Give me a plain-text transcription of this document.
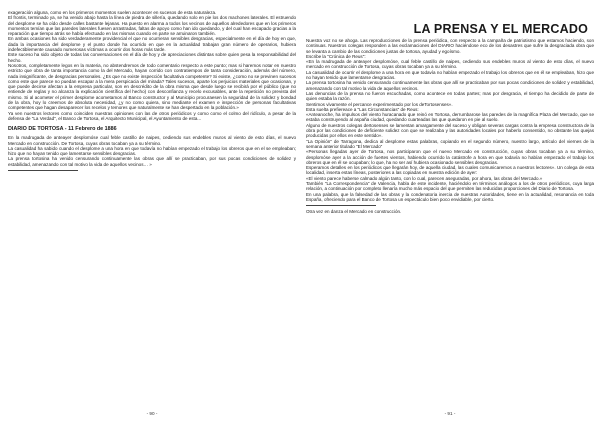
exageración alguna, como en los primeros momentos suelen acontecer en sucesos de esta naturaleza.

El frontis, terminado ya, se ha venido abajo hasta la línea de piedra de sillería, quedando solo en pie los dos machones laterales. El estruendo del desplome se ha oído desde calles bastante lejanas. Ha puesto en alarma a todos los vecinos de aquellos alrededores que en los primeros momentos temían que las paredes laterales fuesen arrastradas, faltas de apoyo como han ido quedando, y del cual han escapado gracias a la reparación que tiempo atrás se había efectuado en las mismas cuando en parte se arruinaron también.

En ambas ocasiones ha sido verdaderamente providencial el que no ocurrieran sensibles desgracias, especialmente en el día de hoy en que, dada la importancia del desplome y el punto donde ha ocurrido en que en la actualidad trabajan gran número de operarios, hubiera indefectiblemente causado numerosas víctimas a ocurrir dos horas más tarde.

Este suceso ha sido objeto de todas las conversaciones en el día de hoy y de apreciaciones distintas sobre quien pesa la responsabilidad del hecho.

Nosotros, completamente legos en la materia, no abstendremos de todo comentario respecto a este punto; mas si haremos notar en nuestro estricto que obra de tanta importancia como la del Mercado, hayan corrido con contratiempos de tanta consideración, además del número, nada insignificante, de desgracias personales. ¿Es que no existe inspección facultativa competente? Si existe, ¿como no se previnen sucesos como este que parece no puedan escapar a la mera perspicacia del mirada? Tales sucesos, aparte los perjuicios materiales que ocasionan, y que puede decirse afectan a la empresa particular, son en descrédito de la obra misma que desde luego se recibirá por el público (que no entiende de reglas y no alcanza la explicación científica del hecho) con desconfianza y recelo excusables, ante la repetición no prevista del mismo. Si al acometer el primer desplome acometamos al Banco constructor y al Municipio procuraesen la seguridad de la solidez y bondad de la obra, hoy lo creemos de absoluta necesidad, ¿y no como quiera, sino mediante el examen e inspección de personas facultativas competentes que hagan desaparecer los recelos y temores que naturalmente se han despertado en la población.»

Ya ven nuestros lectores como coinciden nuestras opiniones con las de otros periódicos y como como el colmo del ridículo, a pesar de la defensa de "La Verdad", el Banco de Tortosa, el Arquitecto Municipal, el Ayuntamiento de esta...

DIARIO DE TORTOSA - 11 Febrero de 1886

En la madrugada de anteayer desplomóse cual feble castillo de naipes, cediendo sus endebles muros al viento de esto días, el nuevo Mercado en construcción. De Tortosa, cuyas obras tocaban ya a su término.

La casualidad ha sabido cuando el desplome a una hora en que todavía no habían empezado el trabajo los obreros que en el se empleaban; hizo que no hayan tenido que lamentarse sensibles desgracias.

La prensa tortosina ha venido censurando continuamente las obras que allí se practicaban, por sus pocas condiciones de solidez y estabilidad, amenazando con tal motivo la vida de aquellos vecinos… »

- 90 -
LA PRENSA Y EL MERCADO

Nuestra voz no se ahoga. Las reproducciones de la prensa periódica, con respecto a la campaña de patriotismo que estamos haciendo, son continuas. Nuestros colegas responden a las exclamaciones del DIARIO haciéndose eco de los desastres que sufre la desgraciada obra que se levanta a cambio de las condiciones justas de tortosa, ayudad y egoísmo.

Escribe la "Crónica de Reus":

«En la madrugada de anteayer desplomóse, cual feble castillo de naipes, cediendo sus endebles muros al viento de esto días, el nuevo mercado en construcción de Tortosa, cuyas obras tocaban ya a su término.

La casualidad de ocurrir el desplome a una hora en que todavía no habían empezado el trabajo los obreros que en él se empleaban, hizo que no hayan tenido que lamentarse desgracias.

La prensa tortosina ha venido censurando continuamente las obras que allí se practicaban por sus pocas condiciones de solidez y estabilidad, amenazando con tal motivo la vida de aquellos vecinos.

Las denuncias de la prensa no fueron escuchadas, como acontece en todas partes; mas por desgracia, el tiempo ha decidido de parte de quien estaba la razón.

Sentimos vivamente el percance experimentado por los deTortosenses».

Esta suelta prefiereace a "Las Circunstancias" de Reus:

«Anteanoche, ha impulsos del viento huracanado que reinó en Tortosa, derrumbarose las paredes de la magnífica Plaza del Mercado, que se estaba construyendo al aspaña ciudad, quedando cuarteadas las que quedaron en pie al suelo.

Alguno de nuestros colegas dertosenses se lamentan amargamente del suceso y obligan severas cargas contra la empresa constructora de la obra por las condiciones de deficiente solidez con que se realizaba y las autoridades locales por haberlo consentido, no obstante las quejas producidas por ellos en este sentido».

"La Opinión" de Tarragona, dedica al desplome estas palabras, copiando en el segundo número, nuestro largo, artículo del viernes de la semana anterior titulado "El Mercado"

«Personas llegadas ayer de Tortosa, nos participaron que el nuevo Mercado en construcción, cuyas obras tocaban ya a su término, desplomóse ayer a la acción de fuertes vientos, habiendo ocurrido la catástrofe a hora en que todavía no habían empezado el trabajo los obreros que en él se ocupaban; lo que, ha no ser así hubiera ocasionado sensibles desgracias.

Esperamos detalles en los periódicos que llegarán hoy, de aquella ciudad, las cuales comunicaremos a nuestros lectores». Un colega de esta localidad, inserta estas líneas, posteriores a las copiadas en nuestra edición de ayer:

«El viento parece haberse calmado algún tanto, con lo cual, parecen aseguradas, por ahora, las obras del Mercado.»

También "La Correspondencia" de Valencia, habla de este incidente, haciéndolo en términos análogos a los de otros periódicos, cuya larga relación, a continuación por completo llenaría mucho más espacio del que permiten las reducidas proporciones del Diario de Tortosa.

En una palabra, que la falsedad de las obras y la condenatoria inercia de nuestras Autoridades, tiene en la actualidad, resonancia en toda España, ofreciendo para el Banco de Tortosa un espectáculo bien poco envidiable, por cierto.

Otra vez en danza el Mercado en construcción.
- 91 -
